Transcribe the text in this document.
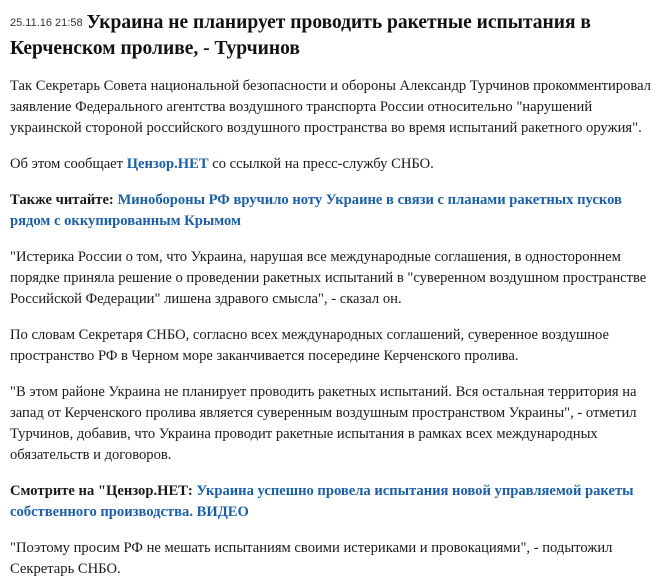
$^{25.11.16 21:58}$ Украина не планирует проводить ракетные испытания в Керченском проливе, - Турчинов

Так Секретарь Совета национальной безопасности и обороны Александр Турчинов прокомментировал заявление Федерального агентства воздушного транспорта России относительно "нарушений украинской стороной российского воздушного пространства во время испытаний ракетного оружия".

Об этом сообщает Цензор.НЕТ со ссылкой на пресс-службу СНБО.

Также читайте: Минобороны РФ вручило ноту Украине в связи с планами ракетных пусков рядом с оккупированным Крымом

"Истерика России о том, что Украина, нарушая все международные соглашения, в одностороннем порядке приняла решение о проведении ракетных испытаний в "суверенном воздушном пространстве Российской Федерации" лишена здравого смысла", - сказал он.

По словам Секретаря СНБО, согласно всех международных соглашений, суверенное воздушное пространство РФ в Черном море заканчивается посередине Керченского пролива.

"В этом районе Украина не планирует проводить ракетных испытаний. Вся остальная территория на запад от Керченского пролива является суверенным воздушным пространством Украины", - отметил Турчинов, добавив, что Украина проводит ракетные испытания в рамках всех международных обязательств и договоров.

Смотрите на "Цензор.НЕТ: Украина успешно провела испытания новой управляемой ракеты собственного производства. ВИДЕО

"Поэтому просим РФ не мешать испытаниям своими истериками и провокациями", - подытожил Секретарь СНБО.
